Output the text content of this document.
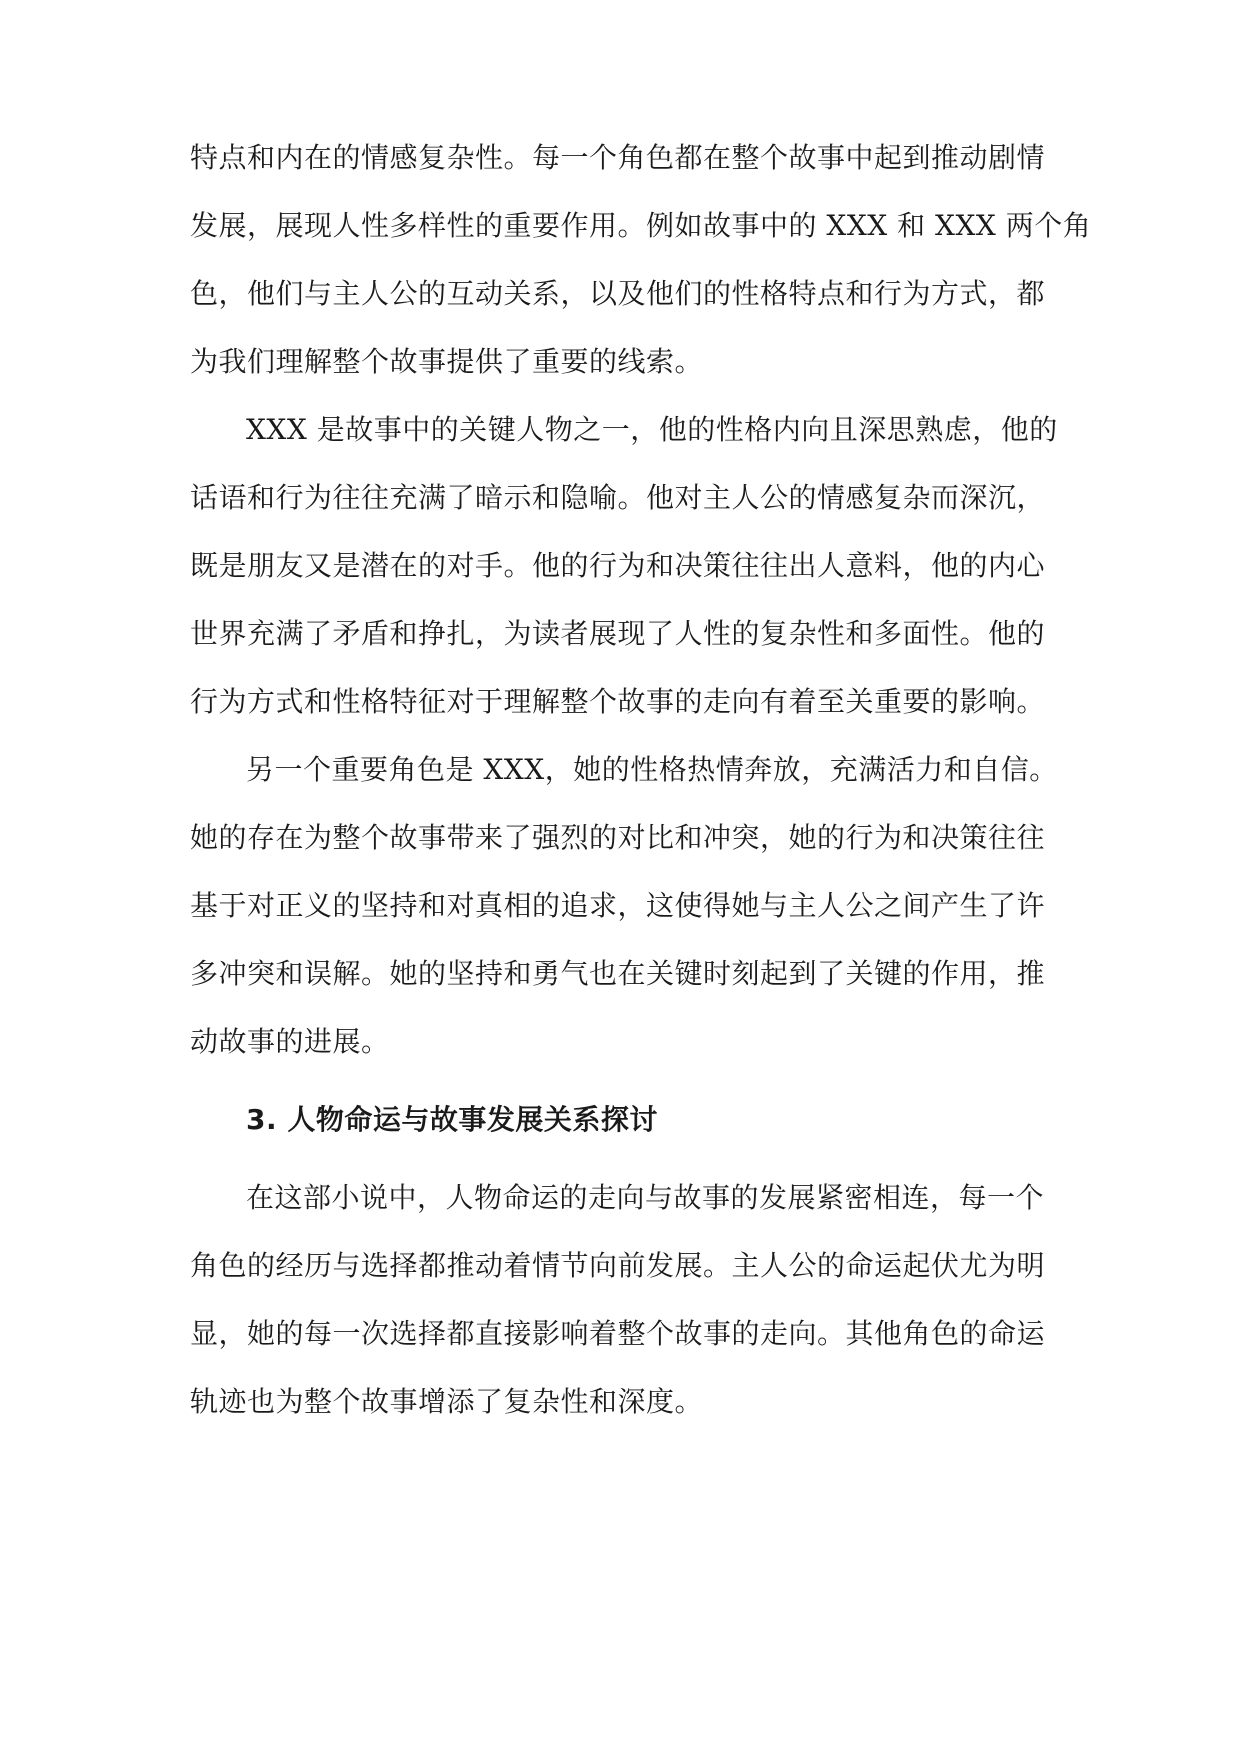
特点和内在的情感复杂性。每一个角色都在整个故事中起到推动剧情
发展，展现人性多样性的重要作用。例如故事中的 XXX 和 XXX 两个角
色，他们与主人公的互动关系，以及他们的性格特点和行为方式，都
为我们理解整个故事提供了重要的线索。
XXX 是故事中的关键人物之一，他的性格内向且深思熟虑，他的
话语和行为往往充满了暗示和隐喻。他对主人公的情感复杂而深沉，
既是朋友又是潜在的对手。他的行为和决策往往出人意料，他的内心
世界充满了矛盾和挣扎，为读者展现了人性的复杂性和多面性。他的
行为方式和性格特征对于理解整个故事的走向有着至关重要的影响。
另一个重要角色是 XXX，她的性格热情奔放，充满活力和自信。
她的存在为整个故事带来了强烈的对比和冲突，她的行为和决策往往
基于对正义的坚持和对真相的追求，这使得她与主人公之间产生了许
多冲突和误解。她的坚持和勇气也在关键时刻起到了关键的作用，推
动故事的进展。
3. 人物命运与故事发展关系探讨
在这部小说中，人物命运的走向与故事的发展紧密相连，每一个
角色的经历与选择都推动着情节向前发展。主人公的命运起伏尤为明
显，她的每一次选择都直接影响着整个故事的走向。其他角色的命运
轨迹也为整个故事增添了复杂性和深度。
